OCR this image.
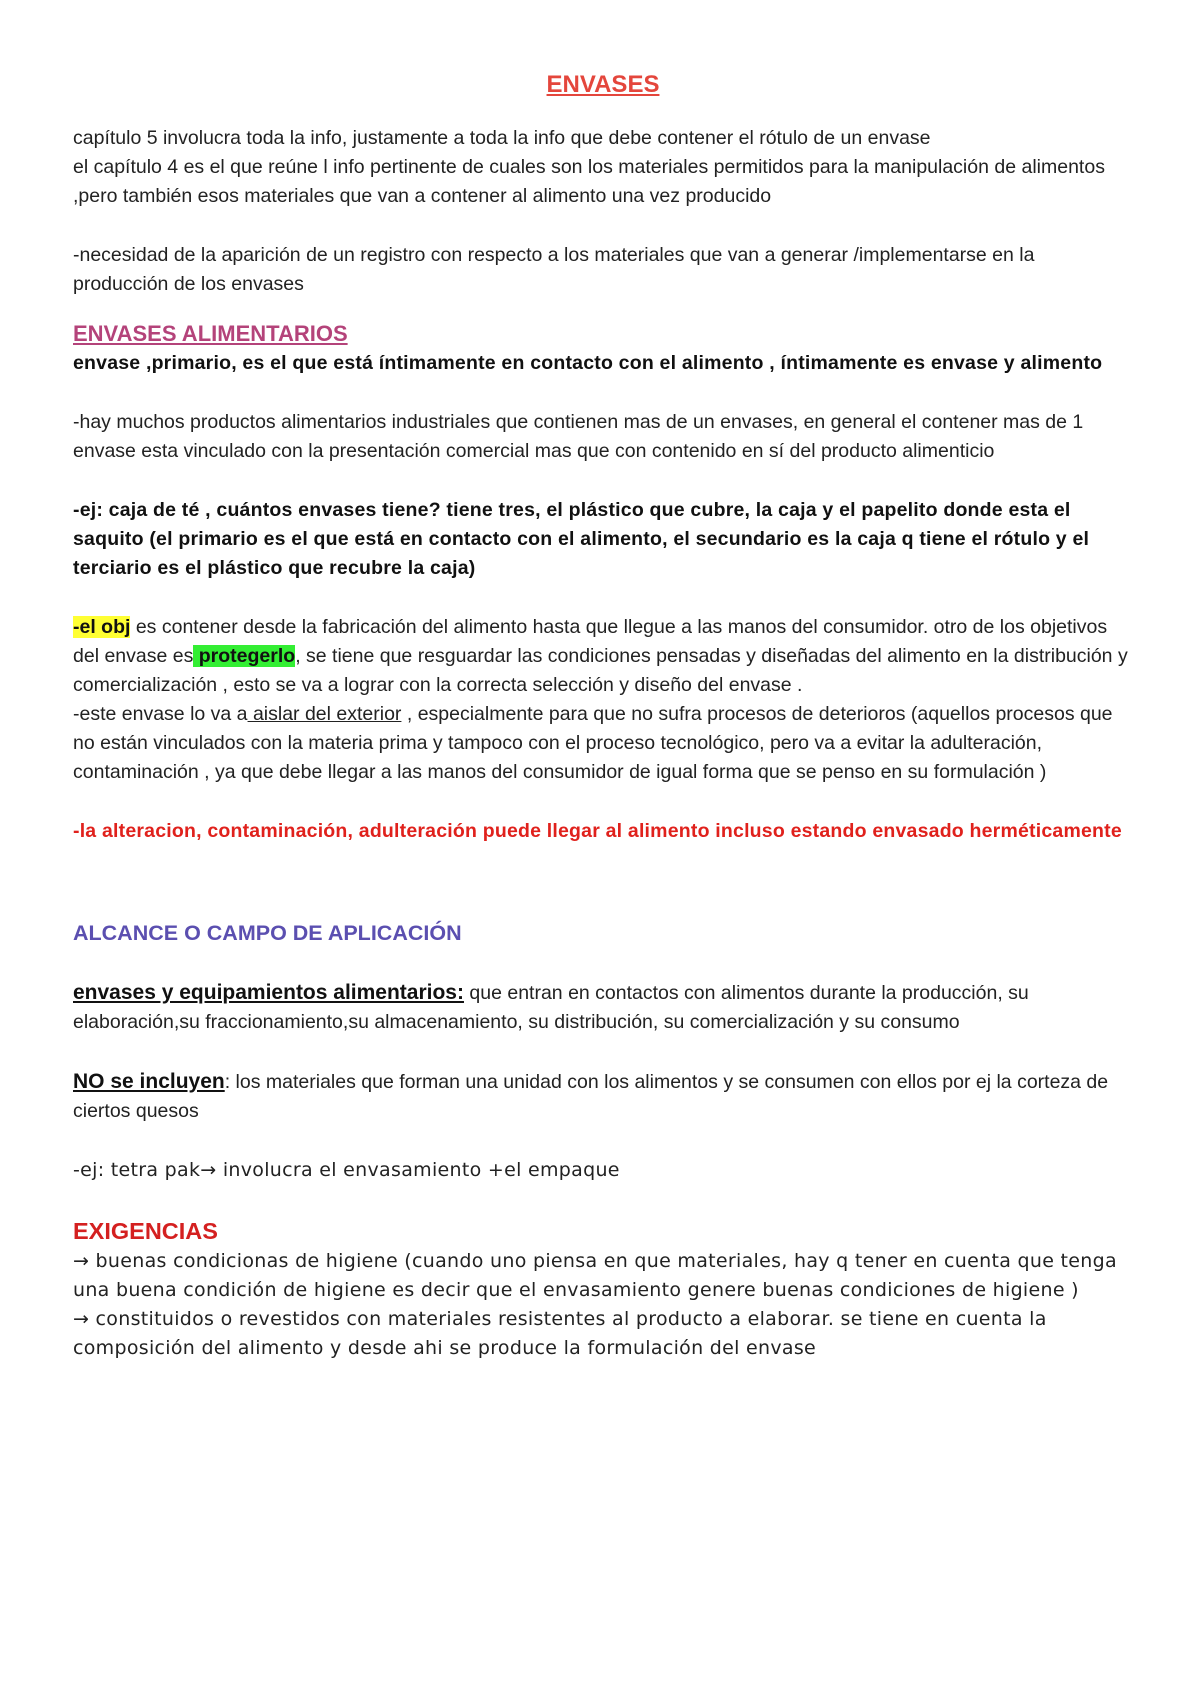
ENVASES

capítulo 5 involucra toda la info, justamente a toda la info que debe contener el rótulo de un envase

el capítulo 4 es el que reúne l info pertinente de cuales son los materiales permitidos para la manipulación de alimentos ,pero también esos materiales que van a contener al alimento una vez producido

-necesidad de la aparición de un registro con respecto a los materiales que van a generar /implementarse en la producción de los envases

ENVASES ALIMENTARIOS

envase ,primario, es el que está íntimamente en contacto con el alimento , íntimamente es envase y alimento

-hay muchos productos alimentarios industriales que contienen mas de un envases, en general el contener mas de 1 envase esta vinculado con la presentación comercial mas que con contenido en sí del producto alimenticio

-ej: caja de té , cuántos envases tiene? tiene tres, el plástico que cubre, la caja y el papelito donde esta el saquito (el primario es el que está en contacto con el alimento, el secundario es la caja q tiene el rótulo y el terciario es el plástico que recubre la caja)

-el obj es contener desde la fabricación del alimento hasta que llegue a las manos del consumidor. otro de los objetivos del envase es protegerlo, se tiene que resguardar las condiciones pensadas y diseñadas del alimento en la distribución y comercialización , esto se va a lograr con la correcta selección y diseño del envase .

-este envase lo va a aislar del exterior , especialmente para que no sufra procesos de deterioros (aquellos procesos que no están vinculados con la materia prima y tampoco con el proceso tecnológico, pero va a evitar la adulteración, contaminación , ya que debe llegar a las manos del consumidor de igual forma que se penso en su formulación )

-la alteracion, contaminación, adulteración puede llegar al alimento incluso estando envasado herméticamente

ALCANCE O CAMPO DE APLICACIÓN

envases y equipamientos alimentarios: que entran en contactos con alimentos durante la producción, su elaboración,su fraccionamiento,su almacenamiento, su distribución, su comercialización y su consumo

NO se incluyen: los materiales que forman una unidad con los alimentos y se consumen con ellos por ej la corteza de ciertos quesos

-ej: tetra pak→ involucra el envasamiento +el empaque

EXIGENCIAS

→ buenas condicionas de higiene (cuando uno piensa en que materiales, hay q tener en cuenta que tenga una buena condición de higiene es decir que el envasamiento genere buenas condiciones de higiene )

→ constituidos o revestidos con materiales resistentes al producto a elaborar. se tiene en cuenta la composición del alimento y desde ahi se produce la formulación del envase
